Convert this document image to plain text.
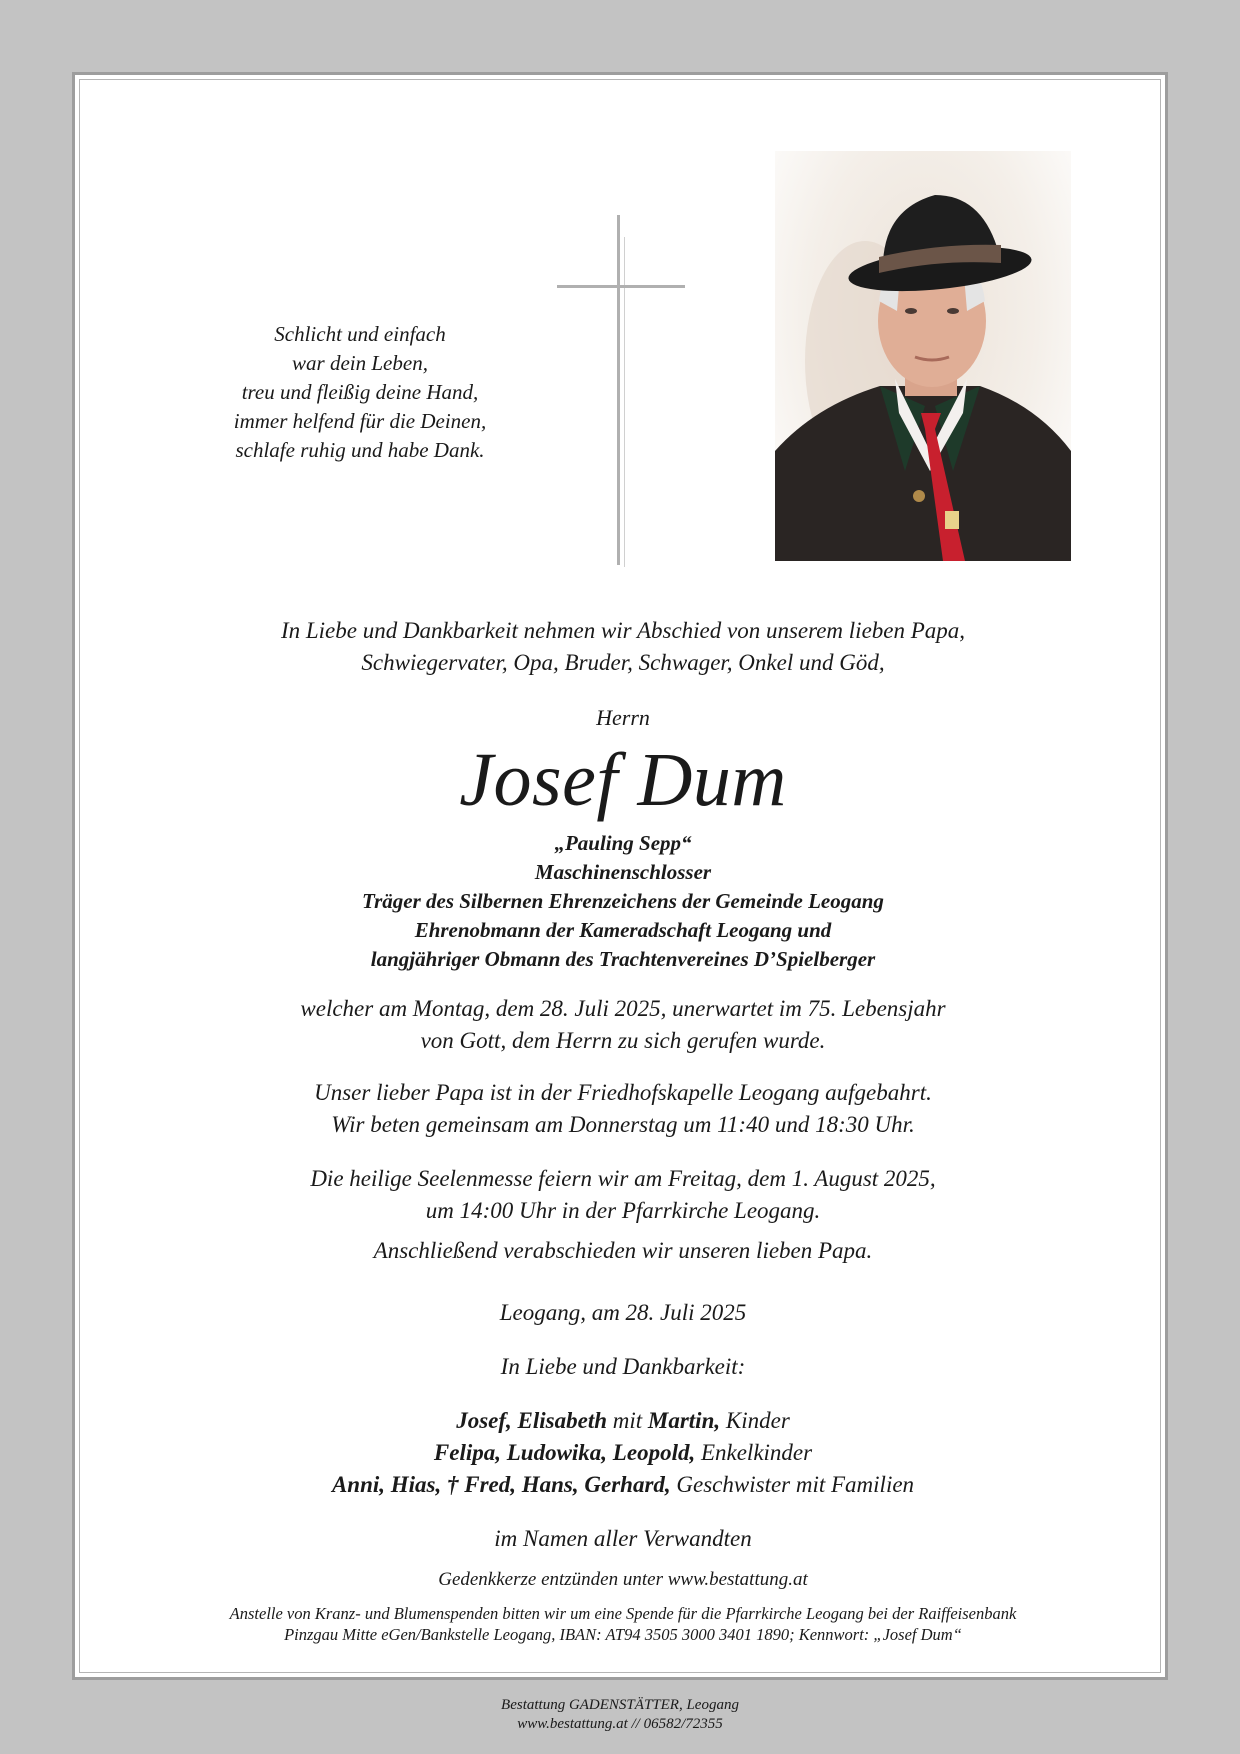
Schlicht und einfach
war dein Leben,
treu und fleißig deine Hand,
immer helfend für die Deinen,
schlafe ruhig und habe Dank.
In Liebe und Dankbarkeit nehmen wir Abschied von unserem lieben Papa,
Schwiegervater, Opa, Bruder, Schwager, Onkel und Göd,
Herrn
Josef Dum
„Pauling Sepp“
Maschinenschlosser
Träger des Silbernen Ehrenzeichens der Gemeinde Leogang
Ehrenobmann der Kameradschaft Leogang und
langjähriger Obmann des Trachtenvereines D’Spielberger
welcher am Montag, dem 28. Juli 2025, unerwartet im 75. Lebensjahr
von Gott, dem Herrn zu sich gerufen wurde.
Unser lieber Papa ist in der Friedhofskapelle Leogang aufgebahrt.
Wir beten gemeinsam am Donnerstag um 11:40 und 18:30 Uhr.
Die heilige Seelenmesse feiern wir am Freitag, dem 1. August 2025,
um 14:00 Uhr in der Pfarrkirche Leogang.
Anschließend verabschieden wir unseren lieben Papa.
Leogang, am 28. Juli 2025
In Liebe und Dankbarkeit:
Josef, Elisabeth mit Martin, Kinder
Felipa, Ludowika, Leopold, Enkelkinder
Anni, Hias, † Fred, Hans, Gerhard, Geschwister mit Familien
im Namen aller Verwandten
Gedenkkerze entzünden unter www.bestattung.at
Anstelle von Kranz- und Blumenspenden bitten wir um eine Spende für die Pfarrkirche Leogang bei der Raiffeisenbank
Pinzgau Mitte eGen/Bankstelle Leogang, IBAN: AT94 3505 3000 3401 1890; Kennwort: „Josef Dum“
Bestattung GADENSTÄTTER, Leogang
www.bestattung.at // 06582/72355
